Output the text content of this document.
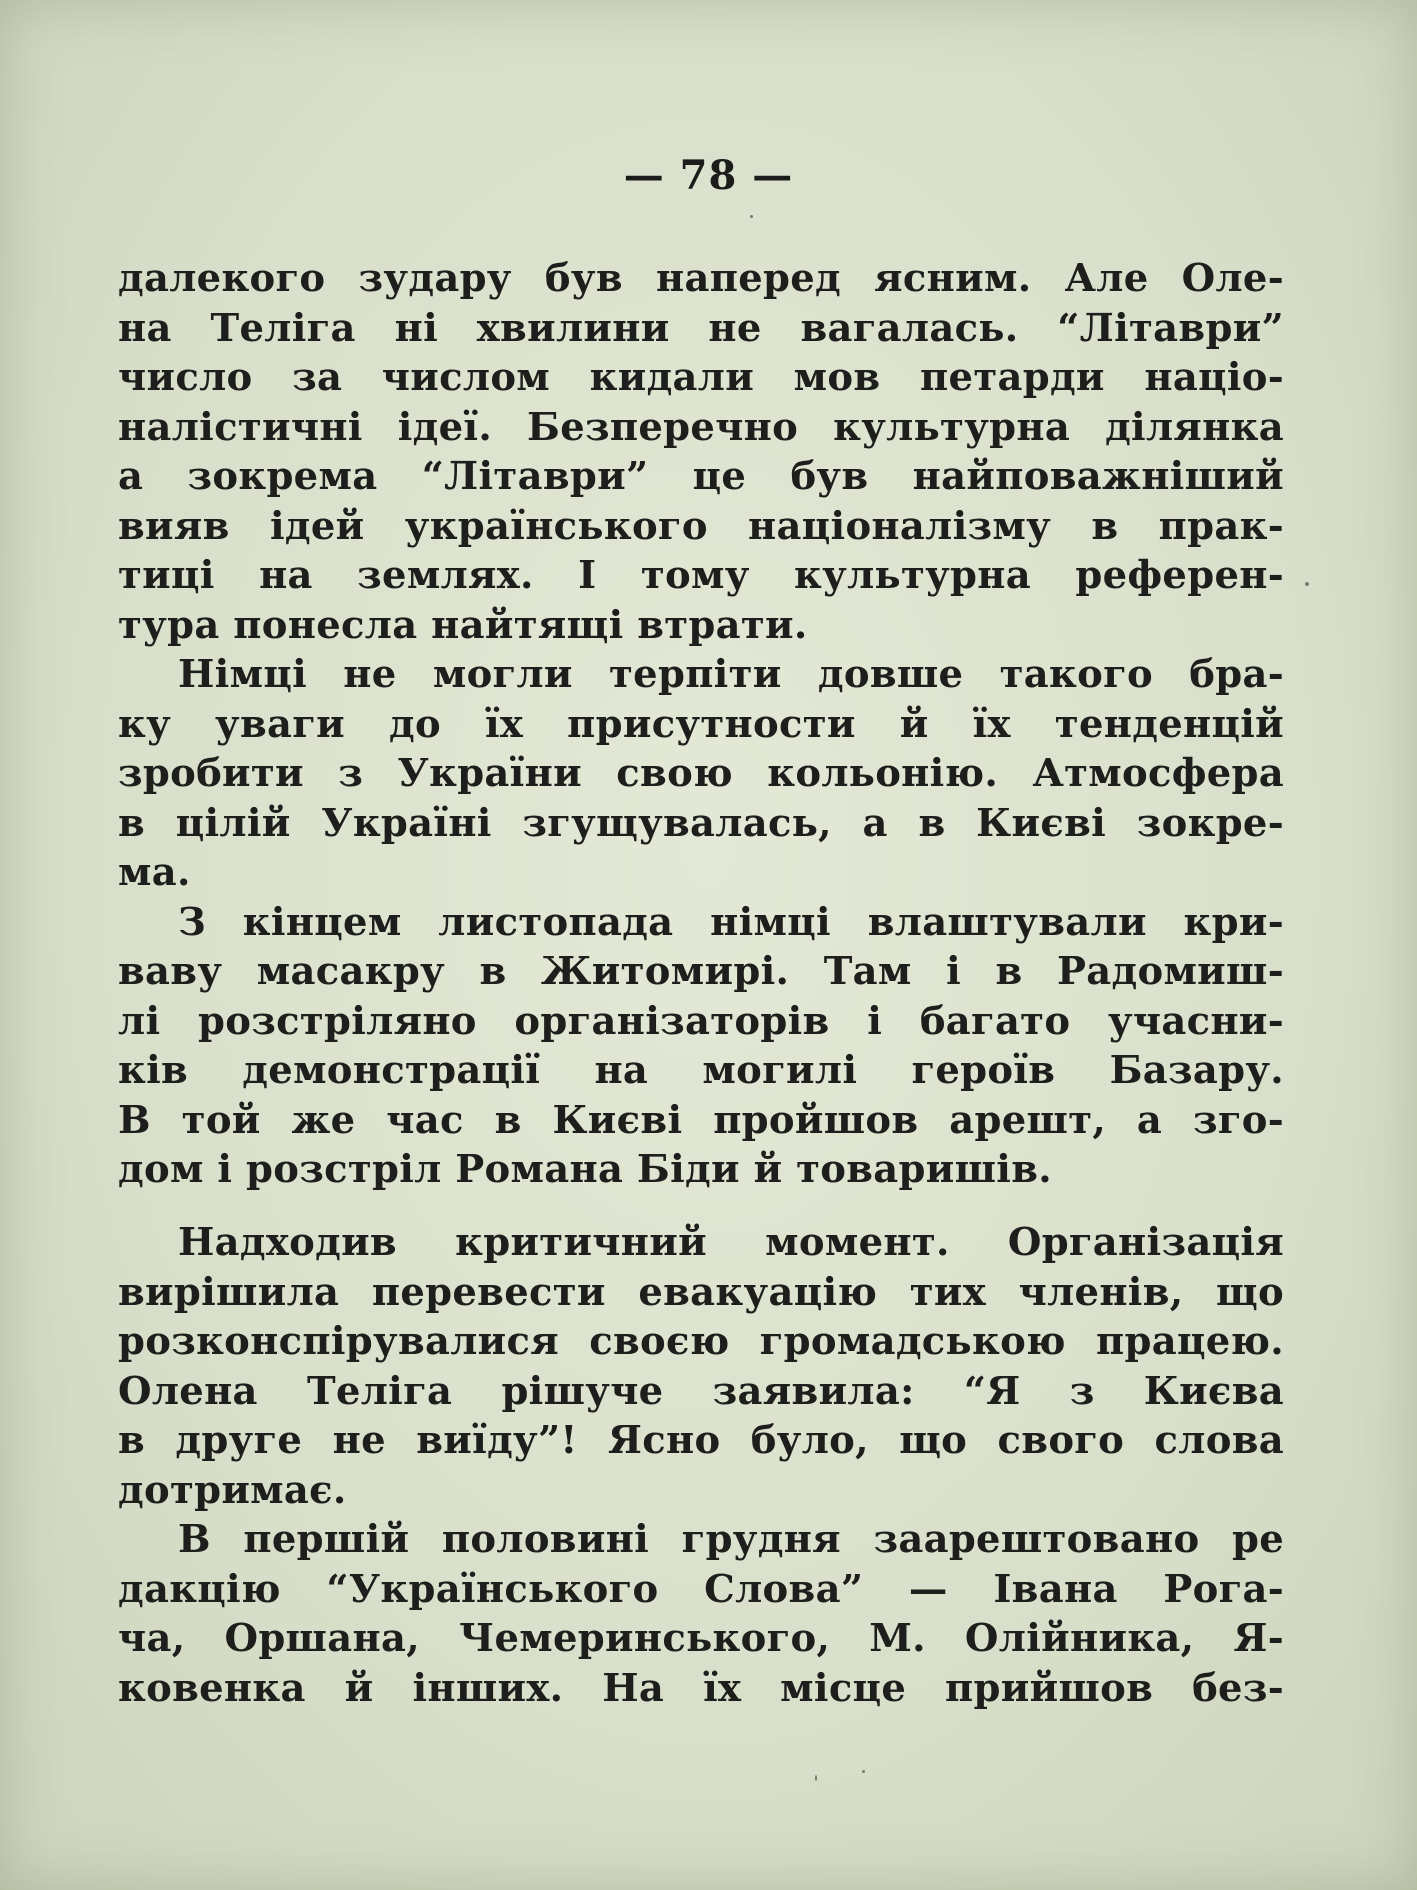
— 78 —
далекого зудару був наперед ясним. Але Оле-
на Теліга ні хвилини не вагалась. “Літаври”
число за числом кидали мов петарди націо-
налістичні ідеї. Безперечно культурна ділянка
а зокрема “Літаври” це був найповажніший
вияв ідей українського націоналізму в прак-
тиці на землях. І тому культурна референ-
тура понесла найтящі втрати.
Німці не могли терпіти довше такого бра-
ку уваги до їх присутности й їх тенденцій
зробити з України свою кольонію. Атмосфера
в цілій Україні згущувалась, а в Києві зокре-
ма.
З кінцем листопада німці влаштували кри-
ваву масакру в Житомирі. Там і в Радомиш-
лі розстріляно організаторів і багато учасни-
ків демонстрації на могилі героїв Базару.
В той же час в Києві пройшов арешт, а зго-
дом і розстріл Романа Біди й товаришів.
Надходив критичний момент. Організація
вирішила перевести евакуацію тих членів, що
розконспірувалися своєю громадською працею.
Олена Теліга рішуче заявила: “Я з Києва
в друге не виїду”! Ясно було, що свого слова
дотримає.
В першій половині грудня заарештовано ре
дакцію “Українського Слова” — Івана Рога-
ча, Оршана, Чемеринського, М. Олійника, Я-
ковенка й інших. На їх місце прийшов без-
